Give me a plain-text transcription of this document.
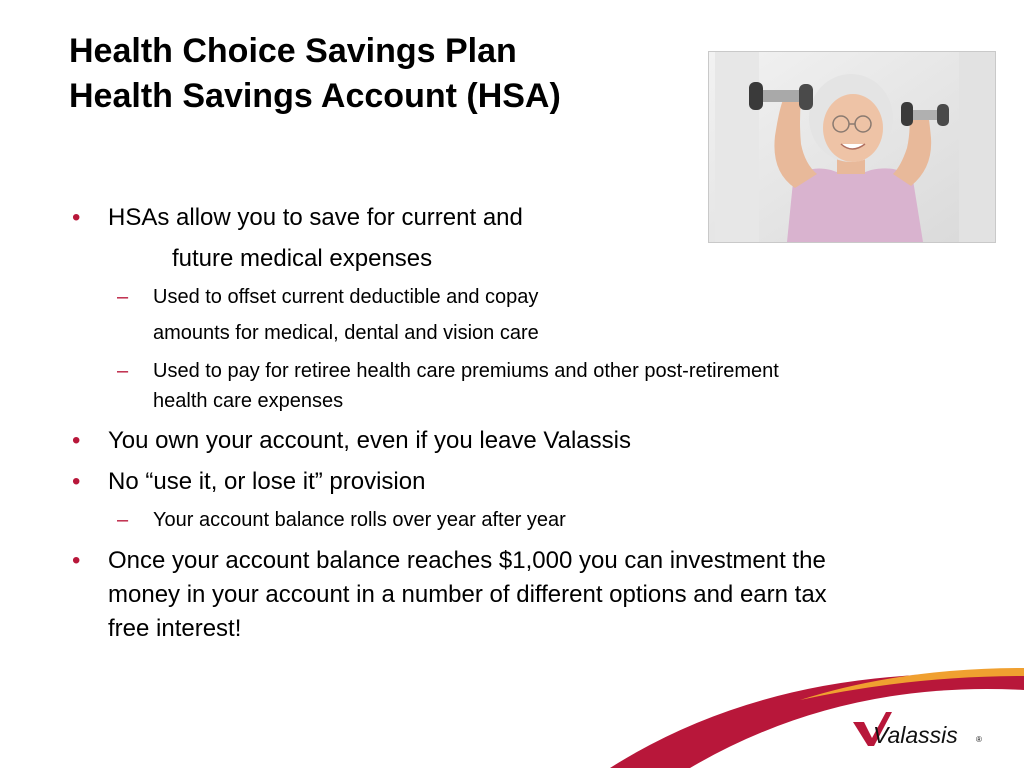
Health Choice Savings Plan
Health Savings Account (HSA)
• HSAs allow you to save for current and
future medical expenses
– Used to offset current deductible and copay
amounts for medical, dental and vision care
– Used to pay for retiree health care premiums and other post-retirement
health care expenses
• You own your account, even if you leave Valassis
• No “use it, or lose it” provision
– Your account balance rolls over year after year
• Once your account balance reaches $1,000 you can investment the
money in your account in a number of different options and earn tax
free interest!
Valassis ®
